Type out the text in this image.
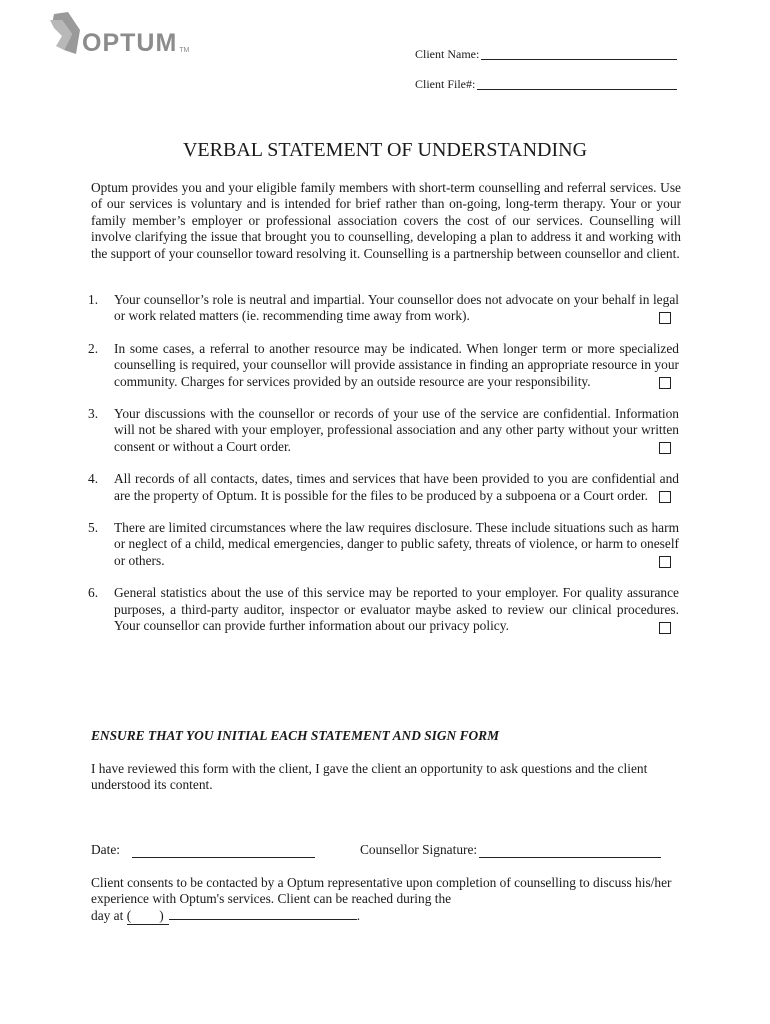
OPTUM TM	Client Name:
Client File#:
VERBAL STATEMENT OF UNDERSTANDING
Optum provides you and your eligible family members with short-term counselling and referral services. Use of our services is voluntary and is intended for brief rather than on-going, long-term therapy. Your or your family member’s employer or professional association covers the cost of our services. Counselling will involve clarifying the issue that brought you to counselling, developing a plan to address it and working with the support of your counsellor toward resolving it. Counselling is a partnership between counsellor and client.
1.	Your counsellor’s role is neutral and impartial. Your counsellor does not advocate on your behalf in legal or work related matters (ie. recommending time away from work).
2.	In some cases, a referral to another resource may be indicated. When longer term or more specialized counselling is required, your counsellor will provide assistance in finding an appropriate resource in your community. Charges for services provided by an outside resource are your responsibility.
3.	Your discussions with the counsellor or records of your use of the service are confidential. Information will not be shared with your employer, professional association and any other party without your written consent or without a Court order.
4.	All records of all contacts, dates, times and services that have been provided to you are confidential and are the property of Optum. It is possible for the files to be produced by a subpoena or a Court order.
5.	There are limited circumstances where the law requires disclosure. These include situations such as harm or neglect of a child, medical emergencies, danger to public safety, threats of violence, or harm to oneself or others.
6.	General statistics about the use of this service may be reported to your employer. For quality assurance purposes, a third-party auditor, inspector or evaluator maybe asked to review our clinical procedures. Your counsellor can provide further information about our privacy policy.
ENSURE THAT YOU INITIAL EACH STATEMENT AND SIGN FORM
I have reviewed this form with the client, I gave the client an opportunity to ask questions and the client understood its content.
Date:	Counsellor Signature:
Client consents to be contacted by a Optum representative upon completion of counselling to discuss his/her experience with Optum's services. Client can be reached during the
day at ( )	.
